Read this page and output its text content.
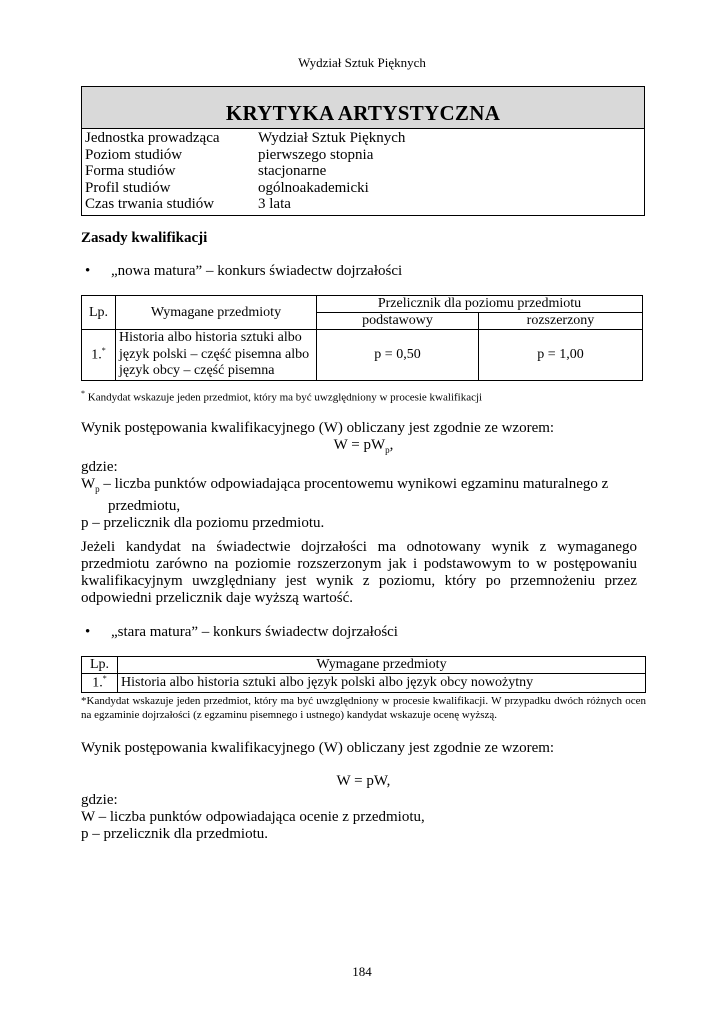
Wydział Sztuk Pięknych
KRYTYKA ARTYSTYCZNA
Jednostka prowadząca	Wydział Sztuk Pięknych
Poziom studiów	pierwszego stopnia
Forma studiów	stacjonarne
Profil studiów	ogólnoakademicki
Czas trwania studiów	3 lata
Zasady kwalifikacji
• „nowa matura” – konkurs świadectw dojrzałości
Lp.	Wymagane przedmioty	Przelicznik dla poziomu przedmiotu	
		podstawowy	rozszerzony
1.*	Historia albo historia sztuki albo
język polski – część pisemna albo
język obcy – część pisemna	p = 0,50	p = 1,00
* Kandydat wskazuje jeden przedmiot, który ma być uwzględniony w procesie kwalifikacji
Wynik postępowania kwalifikacyjnego (W) obliczany jest zgodnie ze wzorem:
$W = pW_p$,
gdzie:
$W_p$ – liczba punktów odpowiadająca procentowemu wynikowi egzaminu maturalnego z
przedmiotu,
p – przelicznik dla poziomu przedmiotu.
Jeżeli kandydat na świadectwie dojrzałości ma odnotowany wynik z wymaganego przedmiotu zarówno na poziomie rozszerzonym jak i podstawowym to w postępowaniu kwalifikacyjnym uwzględniany jest wynik z poziomu, który po przemnożeniu przez odpowiedni przelicznik daje wyższą wartość.
• „stara matura” – konkurs świadectw dojrzałości
Lp.	Wymagane przedmioty
1.*	Historia albo historia sztuki albo język polski albo język obcy nowożytny
*Kandydat wskazuje jeden przedmiot, który ma być uwzględniony w procesie kwalifikacji. W przypadku dwóch różnych ocen na egzaminie dojrzałości (z egzaminu pisemnego i ustnego) kandydat wskazuje ocenę wyższą.
Wynik postępowania kwalifikacyjnego (W) obliczany jest zgodnie ze wzorem:
W = pW,
gdzie:
W – liczba punktów odpowiadająca ocenie z przedmiotu,
p – przelicznik dla przedmiotu.
184
